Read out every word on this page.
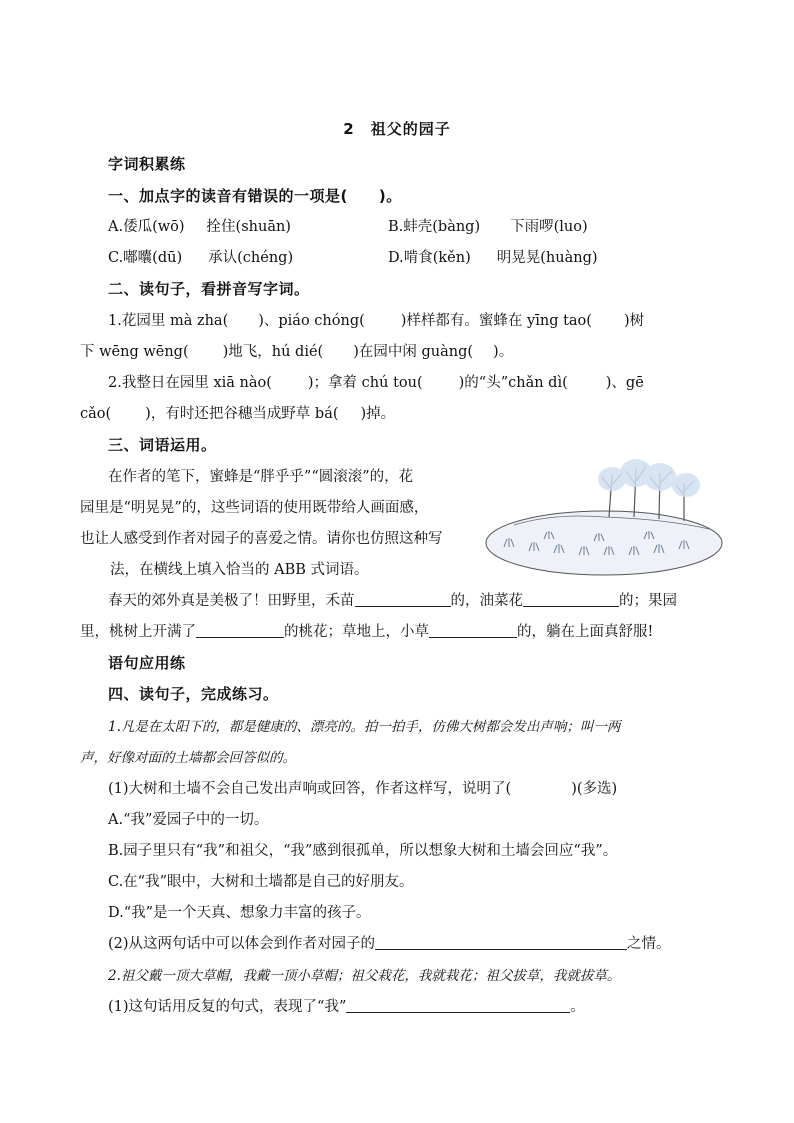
2　祖父的园子
字词积累练
一、加点字的读音有错误的一项是(　　)。
A.倭瓜(wō) 拴住(shuān)	B.蚌壳(bàng) 下雨啰(luo)
C.嘟囔(dū) 承认(chéng)	D.啃食(kěn) 明晃晃(huàng)
二、读句子，看拼音写字词。
1.花园里 mà zha( )、piáo chóng( )样样都有。蜜蜂在 yīng tao( )树
下 wēng wēng( )地飞，hú dié( )在园中闲 guàng( )。
2.我整日在园里 xiā nào( )；拿着 chú tou( )的“头”chǎn dì(	)、gē
cǎo( )，有时还把谷穗当成野草 bá( )掉。
三、词语运用。
在作者的笔下，蜜蜂是“胖乎乎”“圆滚滚”的，花
园里是“明晃晃”的，这些词语的使用既带给人画面感，
也让人感受到作者对园子的喜爱之情。请你也仿照这种写
法，在横线上填入恰当的 ABB 式词语。
春天的郊外真是美极了！田野里，禾苗	的，油菜花	的；果园
里，桃树上开满了	的桃花；草地上，小草	的，躺在上面真舒服!
语句应用练
四、读句子，完成练习。
1.凡是在太阳下的，都是健康的、漂亮的。拍一拍手，仿佛大树都会发出声响；叫一两
声，好像对面的土墙都会回答似的。
(1)大树和土墙不会自己发出声响或回答，作者这样写，说明了(	)(多选)
A.“我”爱园子中的一切。
B.园子里只有“我”和祖父，“我”感到很孤单，所以想象大树和土墙会回应“我”。
C.在“我”眼中，大树和土墙都是自己的好朋友。
D.“我”是一个天真、想象力丰富的孩子。
(2)从这两句话中可以体会到作者对园子的	之情。
2.祖父戴一顶大草帽，我戴一顶小草帽；祖父栽花，我就栽花；祖父拔草，我就拔草。
(1)这句话用反复的句式，表现了“我”	。
